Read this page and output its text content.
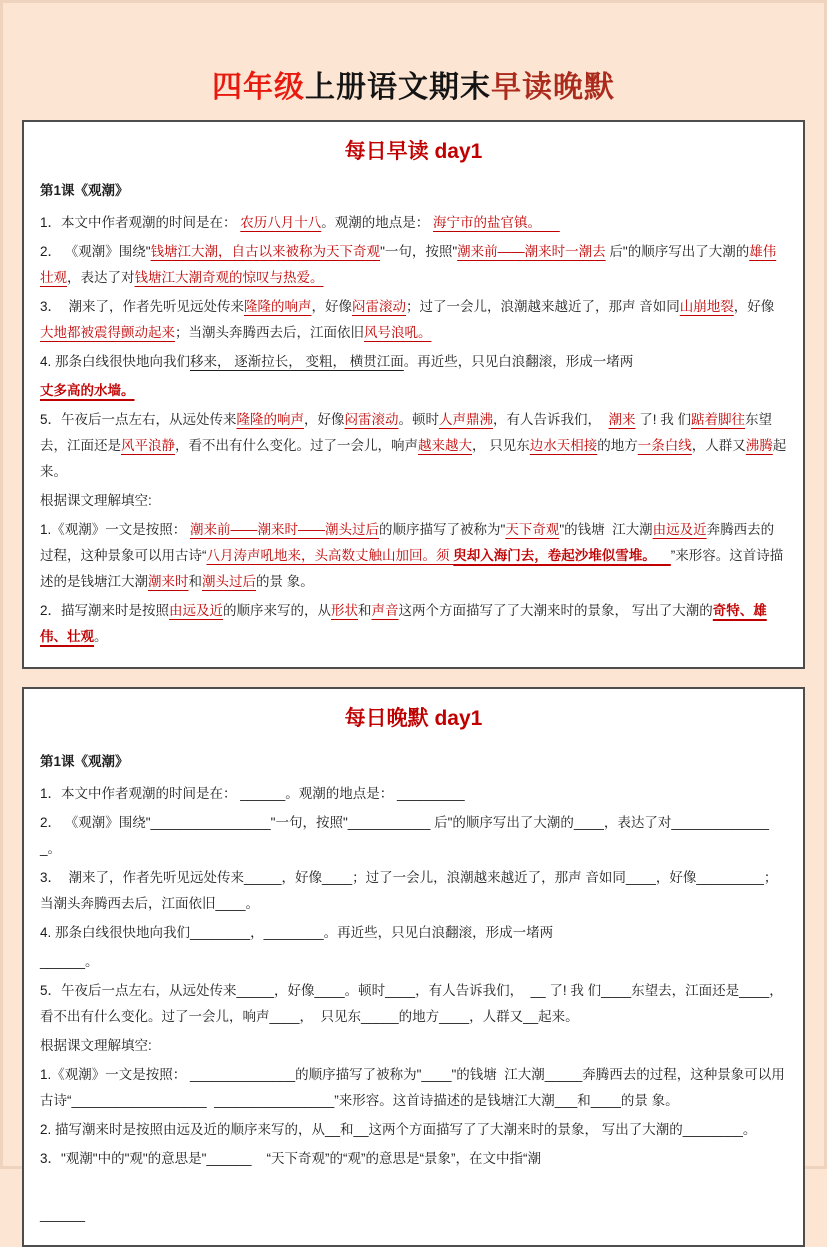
四年级上册语文期末早读晚默
每日早读 day1
第1课《观潮》

1．本文中作者观潮的时间是在： 农历八月十八。观潮的地点是： 海宁市的盐官镇。

2． 《观潮》围绕"钱塘江大潮，自古以来被称为天下奇观"一句，按照"潮来前——潮来时一潮去 后"的顺序写出了大潮的雄伟壮观，表达了对钱塘江大潮奇观的惊叹与热爱。

3．  潮来了，作者先听见远处传来隆隆的响声，好像闷雷滚动；过了一会儿，浪潮越来越近了，那声 音如同山崩地裂，好像大地都被震得颤动起来；当潮头奔腾西去后，江面依旧风号浪吼。

4. 那条白线很快地向我们移来， 逐渐拉长， 变粗， 横贯江面。再近些，只见白浪翻滚，形成一堵两

丈多高的水墙。

5．午夜后一点左右，从远处传来隆隆的响声，好像闷雷滚动。顿时人声鼎沸，有人告诉我们，  潮来 了! 我 们踮着脚往东望去，江面还是风平浪静，看不出有什么变化。过了一会儿，响声越来越大， 只见东边水天相接的地方一条白线，人群又沸腾起来。

根据课文理解填空:

1.《观潮》一文是按照： 潮来前——潮来时——潮头过后的顺序描写了被称为"天下奇观"的钱塘  江大潮由远及近奔腾西去的过程，这种景象可以用古诗“八月涛声吼地来，头高数丈触山加回。须 臾却入海门去，卷起沙堆似雪堆。    ”来形容。这首诗描述的是钱塘江大潮潮来时和潮头过后的景 象。

2．描写潮来时是按照由远及近的顺序来写的，从形状和声音这两个方面描写了了大潮来时的景象， 写出了大潮的奇特、雄伟、壮观。

每日晚默 day1
第1课《观潮》

1．本文中作者观潮的时间是在： ______。观潮的地点是： _________

2． 《观潮》围绕"________________"一句，按照"___________ 后"的顺序写出了大潮的____，表达了对______________。

3．  潮来了，作者先听见远处传来_____，好像____；过了一会儿，浪潮越来越近了，那声 音如同____，好像_________；当潮头奔腾西去后，江面依旧____。

4. 那条白线很快地向我们________，________。再近些，只见白浪翻滚，形成一堵两

______。

5．午夜后一点左右，从远处传来_____，好像____。顿时____，有人告诉我们，  __ 了! 我 们____东望去，江面还是____，看不出有什么变化。过了一会儿，响声____，  只见东_____的地方____，人群又__起来。

根据课文理解填空:

1.《观潮》一文是按照： ______________的顺序描写了被称为"____"的钱塘  江大潮_____奔腾西去的过程，这种景象可以用古诗“__________________  ________________”来形容。这首诗描述的是钱塘江大潮___和____的景 象。

2. 描写潮来时是按照由远及近的顺序来写的，从__和__这两个方面描写了了大潮来时的景象， 写出了大潮的________。

3．"观潮"中的"观"的意思是"______    “天下奇观”的“观”的意思是“景象”，在文中指“潮

______
